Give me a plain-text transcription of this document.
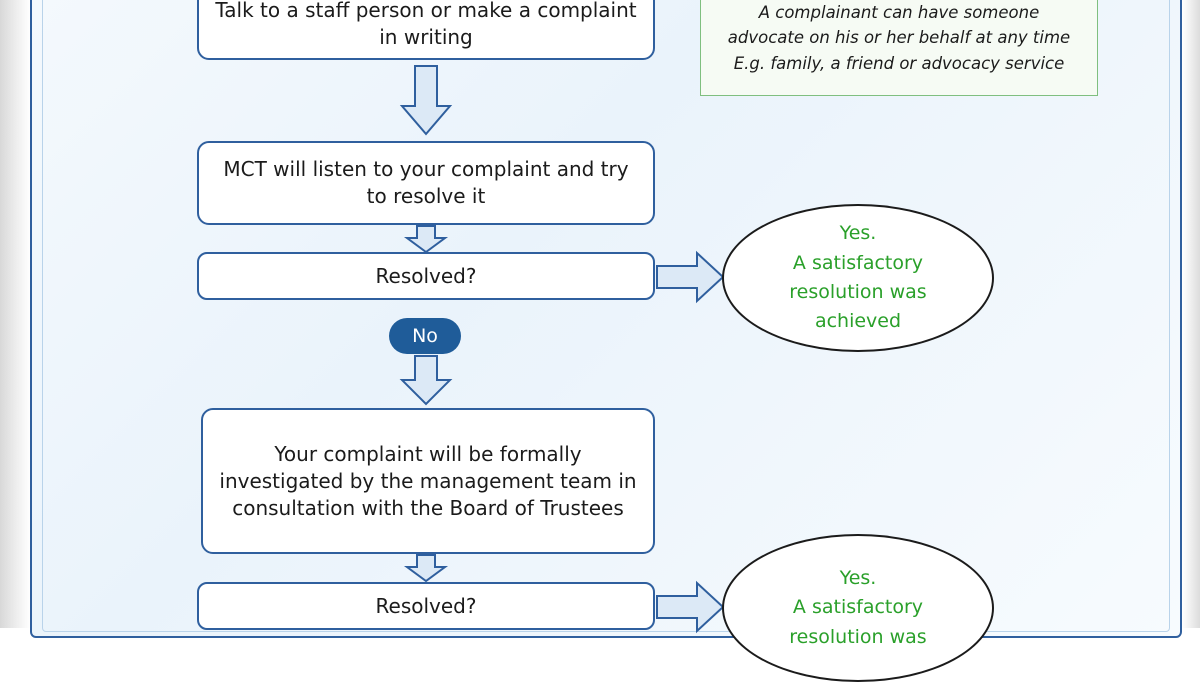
Talk to a staff person or make a complaint in writing
A complainant can have someone
advocate on his or her behalf at any time
E.g. family, a friend or advocacy service
MCT will listen to your complaint and try to resolve it
Resolved?
Yes.
A satisfactory
resolution was
achieved
No
Your complaint will be formally investigated by the management team in consultation with the Board of Trustees
Resolved?
Yes.
A satisfactory
resolution was
